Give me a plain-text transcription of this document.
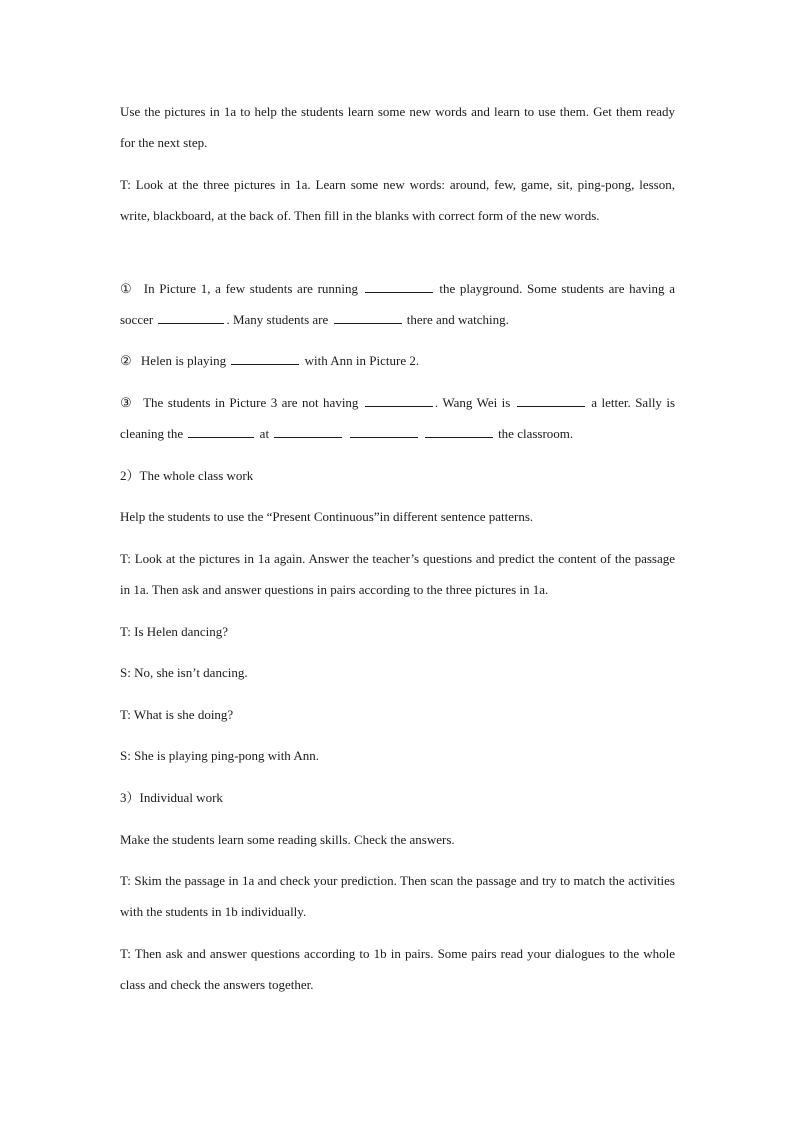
Use the pictures in 1a to help the students learn some new words and learn to use them. Get them ready for the next step.

T: Look at the three pictures in 1a. Learn some new words: around, few, game, sit, ping-pong, lesson, write, blackboard, at the back of. Then fill in the blanks with correct form of the new words.

① In Picture 1, a few students are running	the playground. Some students are having a soccer	. Many students are	there and watching.

② Helen is playing	with Ann in Picture 2.

③ The students in Picture 3 are not having	. Wang Wei is	a letter. Sally is cleaning the	at	the classroom.

2）The whole class work

Help the students to use the “Present Continuous”in different sentence patterns.

T: Look at the pictures in 1a again. Answer the teacher’s questions and predict the content of the passage in 1a. Then ask and answer questions in pairs according to the three pictures in 1a.

T: Is Helen dancing?

S: No, she isn’t dancing.

T: What is she doing?

S: She is playing ping-pong with Ann.

3）Individual work

Make the students learn some reading skills. Check the answers.

T: Skim the passage in 1a and check your prediction. Then scan the passage and try to match the activities with the students in 1b individually.

T: Then ask and answer questions according to 1b in pairs. Some pairs read your dialogues to the whole class and check the answers together.
